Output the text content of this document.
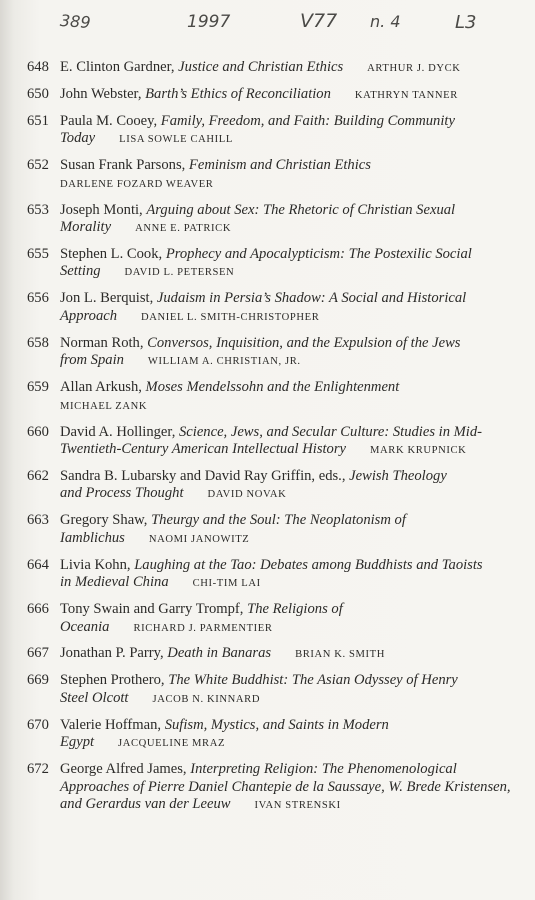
389	1997	V77 n. 4	L3
648 E. Clinton Gardner, Justice and Christian Ethics ARTHUR J. DYCK
650 John Webster, Barth’s Ethics of Reconciliation KATHRYN TANNER
651 Paula M. Cooey, Family, Freedom, and Faith: Building Community
Today LISA SOWLE CAHILL
652 Susan Frank Parsons, Feminism and Christian Ethics
DARLENE FOZARD WEAVER
653 Joseph Monti, Arguing about Sex: The Rhetoric of Christian Sexual
Morality ANNE E. PATRICK
655 Stephen L. Cook, Prophecy and Apocalypticism: The Postexilic Social
Setting DAVID L. PETERSEN
656 Jon L. Berquist, Judaism in Persia’s Shadow: A Social and Historical
Approach DANIEL L. SMITH-CHRISTOPHER
658 Norman Roth, Conversos, Inquisition, and the Expulsion of the Jews
from Spain WILLIAM A. CHRISTIAN, JR.
659 Allan Arkush, Moses Mendelssohn and the Enlightenment
MICHAEL ZANK
660 David A. Hollinger, Science, Jews, and Secular Culture: Studies in Mid-
Twentieth-Century American Intellectual History MARK KRUPNICK
662 Sandra B. Lubarsky and David Ray Griffin, eds., Jewish Theology
and Process Thought DAVID NOVAK
663 Gregory Shaw, Theurgy and the Soul: The Neoplatonism of
Iamblichus NAOMI JANOWITZ
664 Livia Kohn, Laughing at the Tao: Debates among Buddhists and Taoists
in Medieval China CHI-TIM LAI
666 Tony Swain and Garry Trompf, The Religions of
Oceania RICHARD J. PARMENTIER
667 Jonathan P. Parry, Death in Banaras BRIAN K. SMITH
669 Stephen Prothero, The White Buddhist: The Asian Odyssey of Henry
Steel Olcott JACOB N. KINNARD
670 Valerie Hoffman, Sufism, Mystics, and Saints in Modern
Egypt JACQUELINE MRAZ
672 George Alfred James, Interpreting Religion: The Phenomenological
Approaches of Pierre Daniel Chantepie de la Saussaye, W. Brede Kristensen,
and Gerardus van der Leeuw IVAN STRENSKI
